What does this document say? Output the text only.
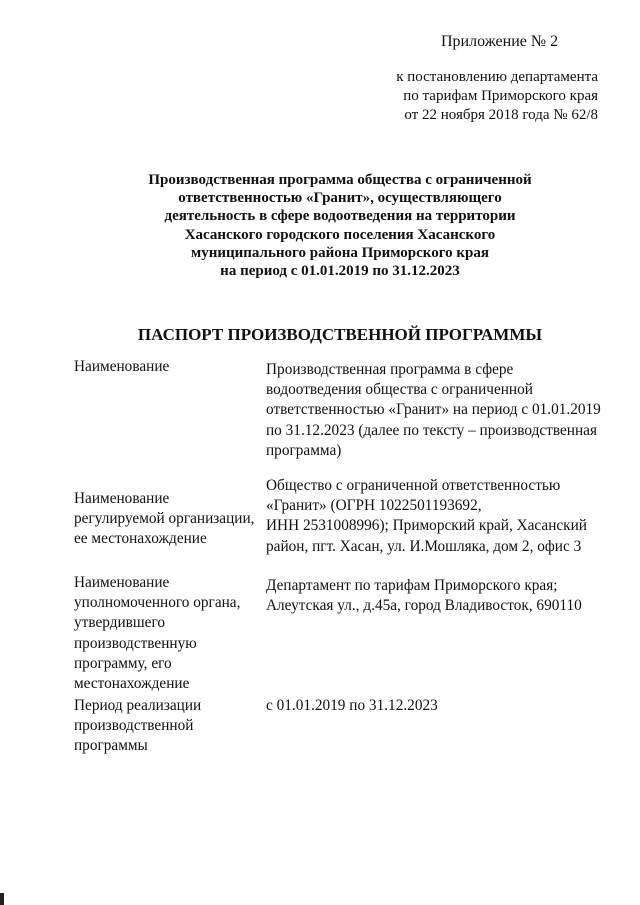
Приложение № 2
к постановлению департамента
по тарифам Приморского края
от 22 ноября 2018 года № 62/8
Производственная программа общества с ограниченной
ответственностью «Гранит», осуществляющего
деятельность в сфере водоотведения на территории
Хасанского городского поселения Хасанского
муниципального района Приморского края
на период с 01.01.2019 по 31.12.2023
ПАСПОРТ ПРОИЗВОДСТВЕННОЙ ПРОГРАММЫ
Наименование	Производственная программа в сфере
водоотведения общества с ограниченной
ответственностью «Гранит» на период с 01.01.2019
по 31.12.2023 (далее по тексту – производственная
программа)
Наименование
регулируемой организации,
ее местонахождение
Общество с ограниченной ответственностью
«Гранит» (ОГРН 1022501193692,
ИНН 2531008996); Приморский край, Хасанский
район, пгт. Хасан, ул. И.Мошляка, дом 2, офис 3
Наименование
уполномоченного органа,
утвердившего
производственную
программу, его
местонахождение
Департамент по тарифам Приморского края;
Алеутская ул., д.45а, город Владивосток, 690110
Период реализации
производственной
программы
с 01.01.2019 по 31.12.2023
